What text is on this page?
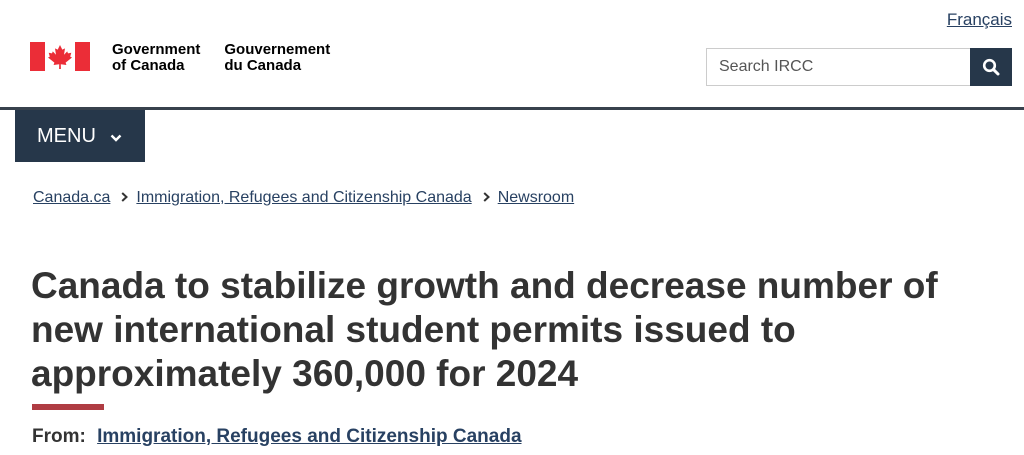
Français
Government
of Canada
Gouvernement
du Canada
Search IRCC
MENU
Canada.ca Immigration, Refugees and Citizenship Canada Newsroom
Canada to stabilize growth and decrease number of new international student permits issued to approximately 360,000 for 2024
From: Immigration, Refugees and Citizenship Canada
